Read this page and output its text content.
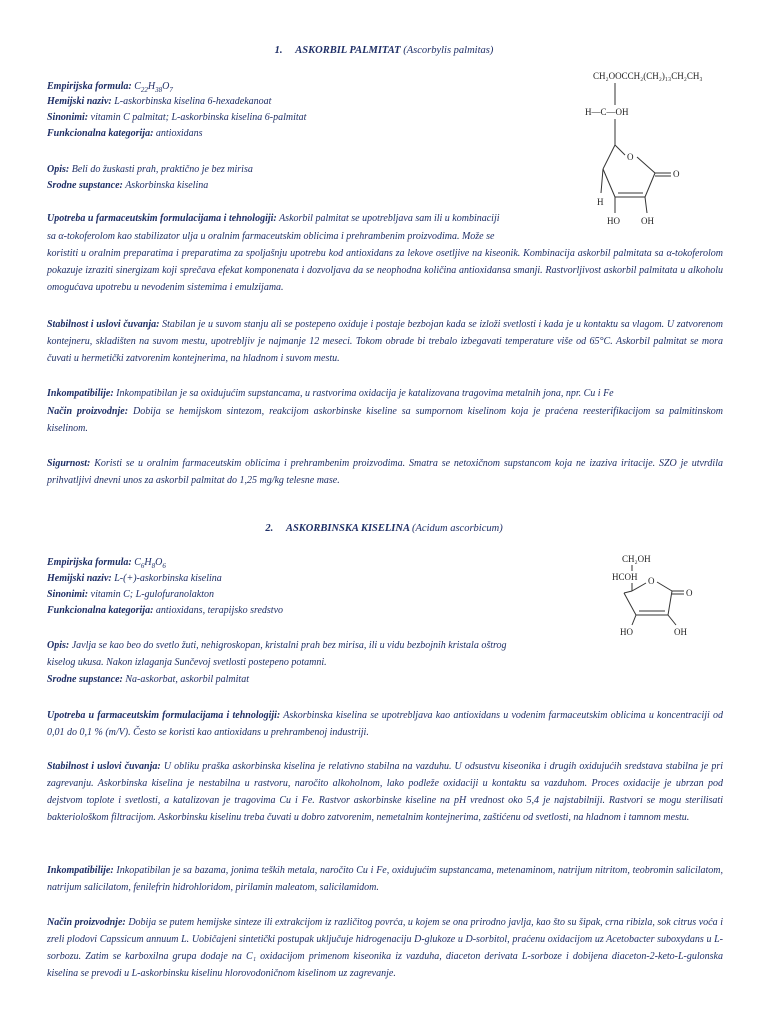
1. ASKORBIL PALMITAT (Ascorbylis palmitas)
Empirijska formula: $C_{22}H_{38}O_7$
Hemijski naziv: L-askorbinska kiselina 6-hexadekanoat
Sinonimi: vitamin C palmitat; L-askorbinska kiselina 6-palmitat
Funkcionalna kategorija: antioxidans
Opis: Beli do žuskasti prah, praktično je bez mirisa
Srodne supstance: Askorbinska kiselina
Upotreba u farmaceutskim formulacijama i tehnologiji: Askorbil palmitat se upotrebljava sam ili u kombinaciji
sa α-tokoferolom kao stabilizator ulja u oralnim farmaceutskim oblicima i prehrambenim proizvodima. Može se
koristiti u oralnim preparatima i preparatima za spoljašnju upotrebu kod antioxidans za lekove osetljive na kiseonik. Kombinacija askorbil palmitata sa α-tokoferolom pokazuje izraziti sinergizam koji sprečava efekat komponenata i dozvoljava da se neophodna količina antioxidansa smanji. Rastvorljivost askorbil palmitata u alkoholu omogućava upotrebu u nevodenim sistemima i emulzijama.
Stabilnost i uslovi čuvanja: Stabilan je u suvom stanju ali se postepeno oxiduje i postaje bezbojan kada se izloži svetlosti i kada je u kontaktu sa vlagom. U zatvorenom kontejneru, skladišten na suvom mestu, upotrebljiv je najmanje 12 meseci. Tokom obrade bi trebalo izbegavati temperature više od 65°C. Askorbil palmitat se mora čuvati u hermetički zatvorenim kontejnerima, na hladnom i suvom mestu.
Inkompatibilije: Inkompatibilan je sa oxidujućim supstancama, u rastvorima oxidacija je katalizovana tragovima metalnih jona, npr. Cu i Fe
Način proizvodnje: Dobija se hemijskom sintezom, reakcijom askorbinske kiseline sa sumpornom kiselinom koja je praćena reesterifikacijom sa palmitinskom kiselinom.
Sigurnost: Koristi se u oralnim farmaceutskim oblicima i prehrambenim proizvodima. Smatra se netoxičnom supstancom koja ne izaziva iritacije. SZO je utvrdila prihvatljivi dnevni unos za askorbil palmitat do 1,25 mg/kg telesne mase.
CH₂OOCCH₂(CH₂)₁₃CH₂CH₃
H—C—OH
O
O
H
HO OH
2. ASKORBINSKA KISELINA (Acidum ascorbicum)
Empirijska formula: $C_6H_8O_6$
Hemijski naziv: L-(+)-askorbinska kiselina
Sinonimi: vitamin C; L-gulofuranolakton
Funkcionalna kategorija: antioxidans, terapijsko sredstvo
Opis: Javlja se kao beo do svetlo žuti, nehigroskopan, kristalni prah bez mirisa, ili u vidu bezbojnih kristala oštrog
kiselog ukusa. Nakon izlaganja Sunčevoj svetlosti postepeno potamni.
Srodne supstance: Na-askorbat, askorbil palmitat
Upotreba u farmaceutskim formulacijama i tehnologiji: Askorbinska kiselina se upotrebljava kao antioxidans u vodenim farmaceutskim oblicima u koncentraciji od 0,01 do 0,1 % (m/V). Često se koristi kao antioxidans u prehrambenoj industriji.
Stabilnost i uslovi čuvanja: U obliku praška askorbinska kiselina je relativno stabilna na vazduhu. U odsustvu kiseonika i drugih oxidujućih sredstava stabilna je pri zagrevanju. Askorbinska kiselina je nestabilna u rastvoru, naročito alkoholnom, lako podleže oxidaciji u kontaktu sa vazduhom. Proces oxidacije je ubrzan pod dejstvom toplote i svetlosti, a katalizovan je tragovima Cu i Fe. Rastvor askorbinske kiseline na pH vrednost oko 5,4 je najstabilniji. Rastvori se mogu sterilisati bakteriološkom filtracijom. Askorbinsku kiselinu treba čuvati u dobro zatvorenim, nemetalnim kontejnerima, zaštićenu od svetlosti, na hladnom i tamnom mestu.
Inkompatibilije: Inkopatibilan je sa bazama, jonima teških metala, naročito Cu i Fe, oxidujućim supstancama, metenaminom, natrijum nitritom, teobromin salicilatom, natrijum salicilatom, fenilefrin hidrohloridom, pirilamin maleatom, salicilamidom.
Način proizvodnje: Dobija se putem hemijske sinteze ili extrakcijom iz različitog povrća, u kojem se ona prirodno javlja, kao što su šipak, crna ribizla, sok citrus voća i zreli plodovi Capssicum annuum L. Uobičajeni sintetički postupak uključuje hidrogenaciju D-glukoze u D-sorbitol, praćenu oxidacijom uz Acetobacter suboxydans u L-sorbozu. Zatim se karboxilna grupa dodaje na C₁ oxidacijom primenom kiseonika iz vazduha, diaceton derivata L-sorboze i dobijena diaceton-2-keto-L-gulonska kiselina se prevodi u L-askorbinsku kiselinu hlorovodoničnom kiselinom uz zagrevanje.
CH₂OH
HCOH O
O
HO	OH
